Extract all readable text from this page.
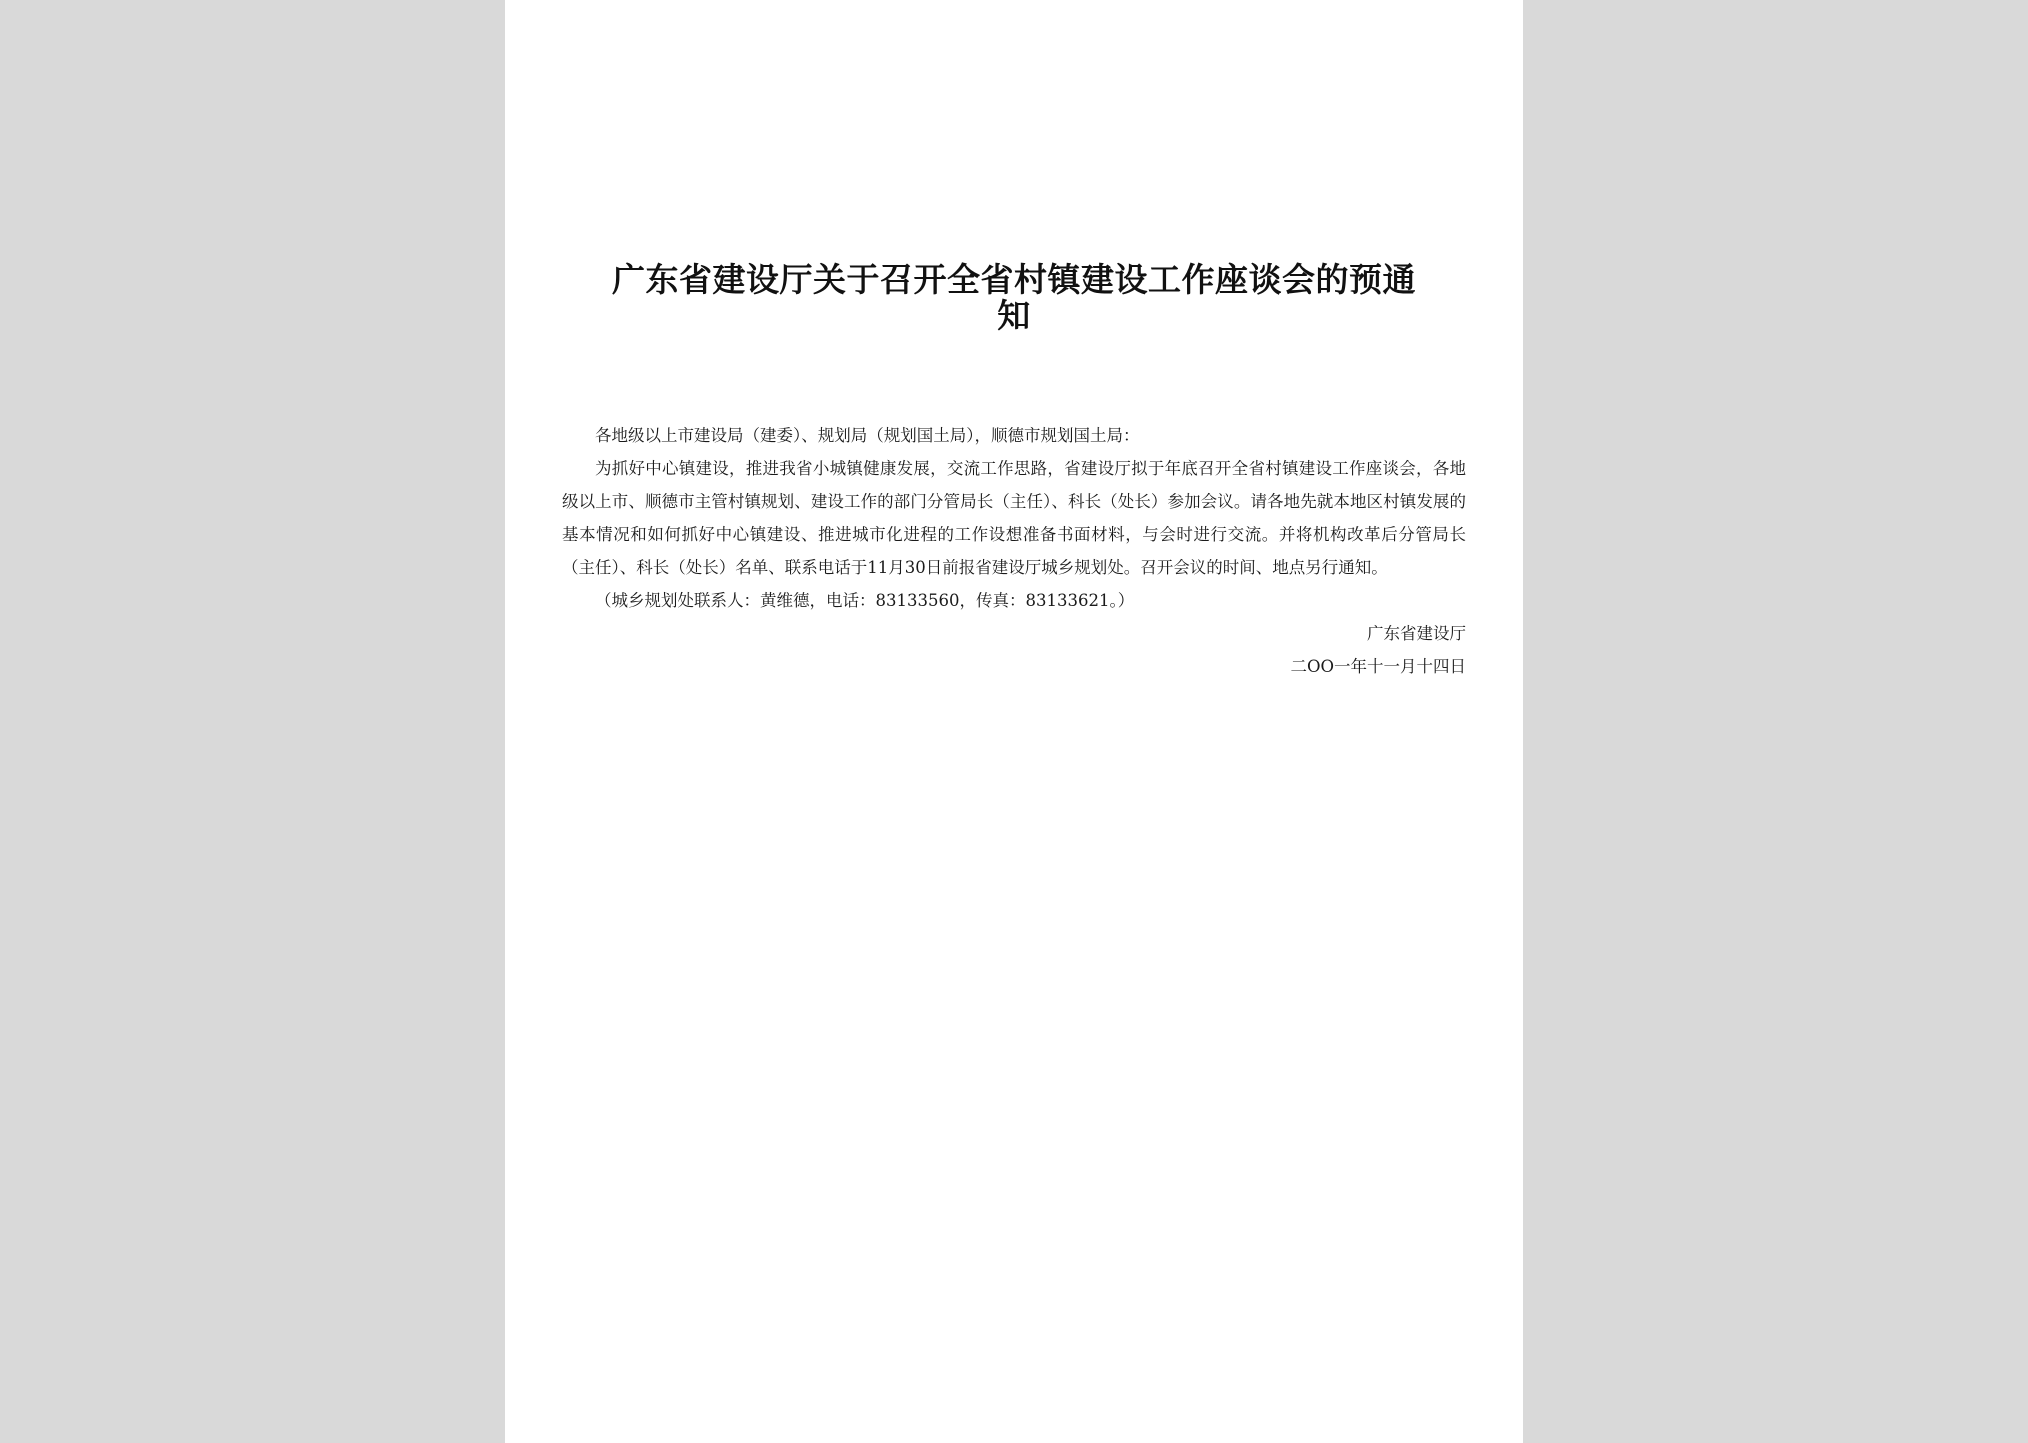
广东省建设厅关于召开全省村镇建设工作座谈会的预通知

各地级以上市建设局（建委）、规划局（规划国土局），顺德市规划国土局：

为抓好中心镇建设，推进我省小城镇健康发展，交流工作思路，省建设厅拟于年底召开全省村镇建设工作座谈会，各地级以上市、顺德市主管村镇规划、建设工作的部门分管局长（主任）、科长（处长）参加会议。请各地先就本地区村镇发展的基本情况和如何抓好中心镇建设、推进城市化进程的工作设想准备书面材料，与会时进行交流。并将机构改革后分管局长（主任）、科长（处长）名单、联系电话于11月30日前报省建设厅城乡规划处。召开会议的时间、地点另行通知。

（城乡规划处联系人：黄维德，电话：83133560，传真：83133621。）

广东省建设厅

二OO一年十一月十四日
